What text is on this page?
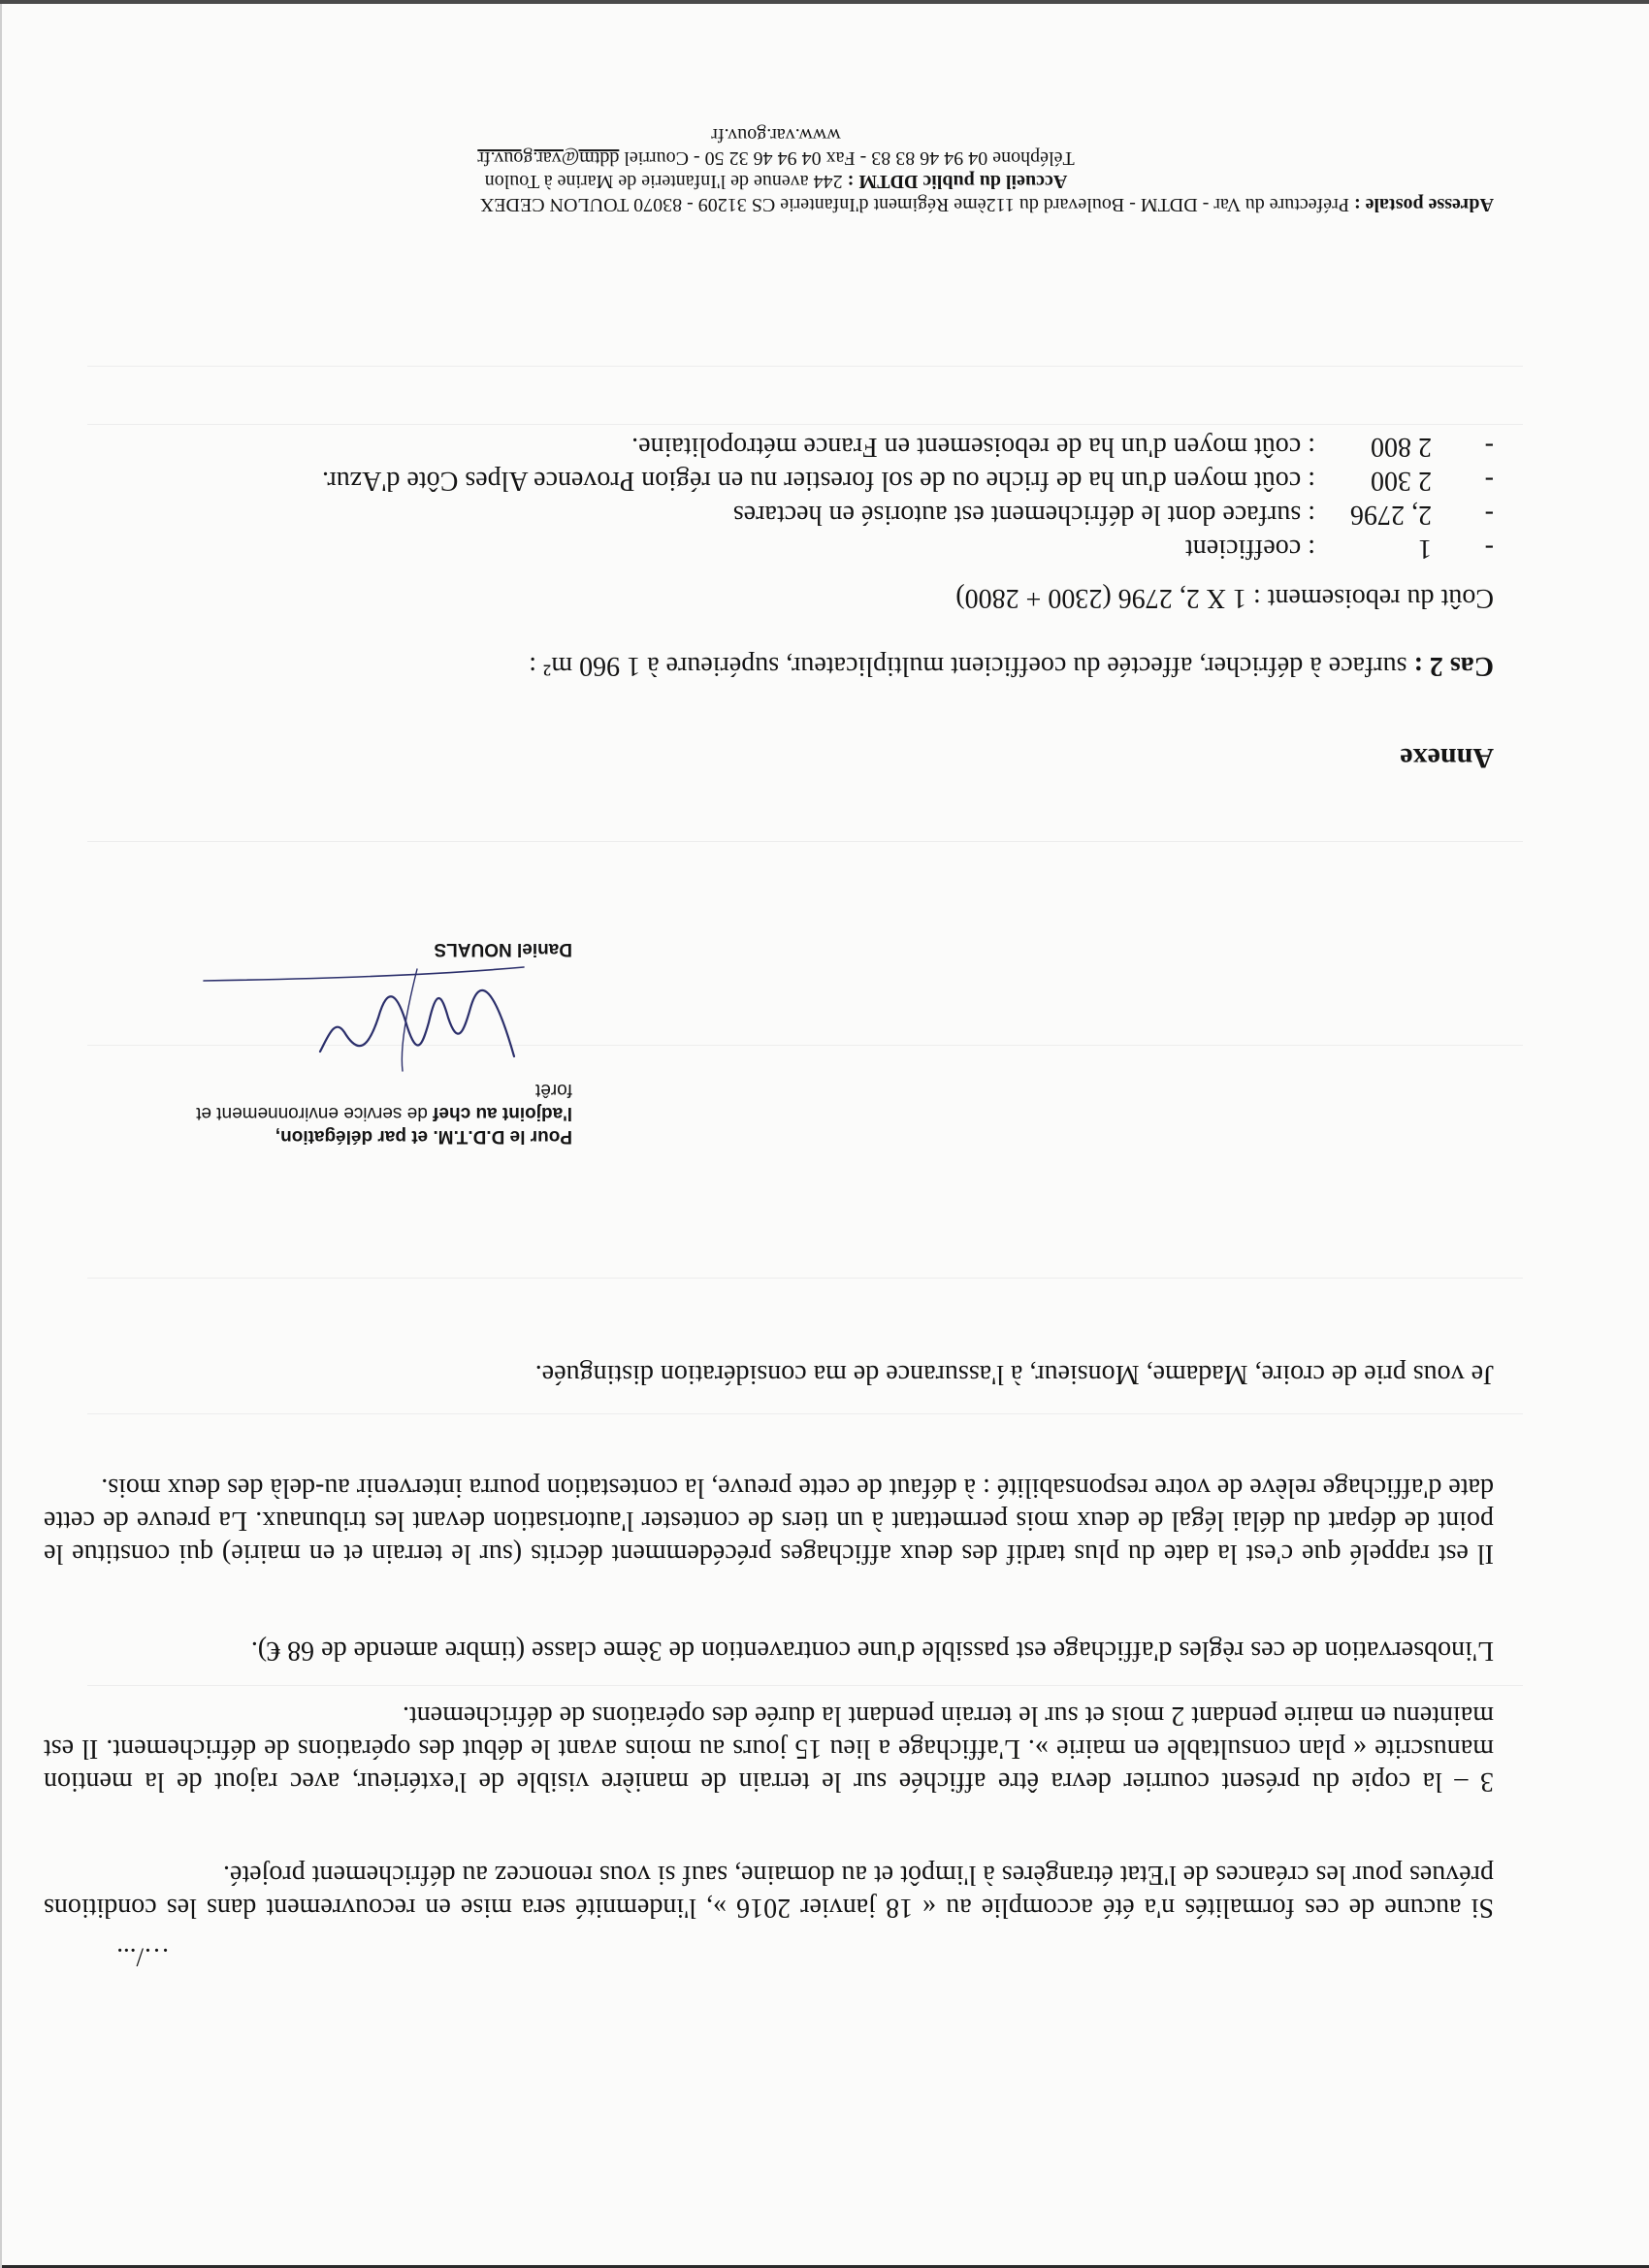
…/...

Si aucune de ces formalités n'a été accomplie au « 18 janvier 2016 », l'indemnité sera mise en recouvrement dans les conditions prévues pour les créances de l'Etat étrangères à l'impôt et au domaine, sauf si vous renoncez au défrichement projeté.

3 – la copie du présent courrier devra être affichée sur le terrain de manière visible de l'extérieur, avec rajout de la mention manuscrite « plan consultable en mairie ». L'affichage a lieu 15 jours au moins avant le début des opérations de défrichement. Il est maintenu en mairie pendant 2 mois et sur le terrain pendant la durée des opérations de défrichement.

L'inobservation de ces règles d'affichage est passible d'une contravention de 3ème classe (timbre amende de 68 €).

Il est rappelé que c'est la date du plus tardif des deux affichages précédemment décrits (sur le terrain et en mairie) qui constitue le point de départ du délai légal de deux mois permettant à un tiers de contester l'autorisation devant les tribunaux. La preuve de cette date d'affichage relève de votre responsabilité : à défaut de cette preuve, la contestation pourra intervenir au-delà des deux mois.

Je vous prie de croire, Madame, Monsieur, à l'assurance de ma considération distinguée.

Pour le D.D.T.M. et par délégation,
l'adjoint au chef de service environnement et forêt
Daniel NOUALS
Annexe
Cas 2 : surface à défricher, affectée du coefficient multiplicateur, supérieure à 1 960 m² :
Coût du reboisement : 1 X 2, 2796 (2300 + 2800)
-
1
: coefficient
-
2, 2796
: surface dont le défrichement est autorisé en hectares
-
2 300
: coût moyen d'un ha de friche ou de sol forestier nu en région Provence Alpes Côte d'Azur.
-
2 800
: coût moyen d'un ha de reboisement en France métropolitaine.
Adresse postale : Préfecture du Var - DDTM - Boulevard du 112ème Régiment d'Infanterie CS 31209 - 83070 TOULON CEDEX
Accueil du public DDTM : 244 avenue de l'Infanterie de Marine à Toulon
Téléphone 04 94 46 83 83 - Fax 04 94 46 32 50 - Courriel ddtm@var.gouv.fr
www.var.gouv.fr
